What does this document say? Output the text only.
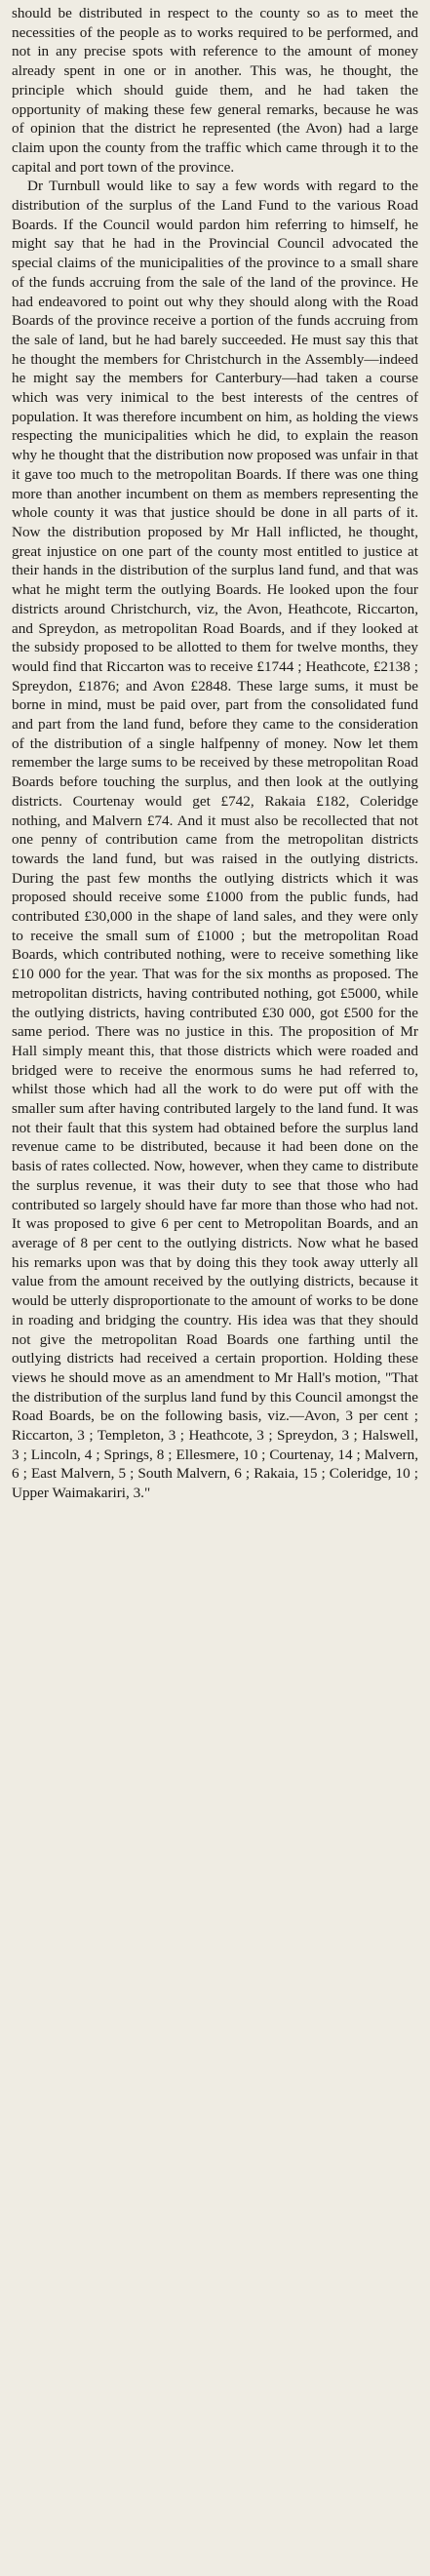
should be distributed in respect to the county so as to meet the necessities of the people as to works required to be performed, and not in any precise spots with reference to the amount of money already spent in one or in another. This was, he thought, the principle which should guide them, and he had taken the opportunity of making these few general remarks, because he was of opinion that the district he represented (the Avon) had a large claim upon the county from the traffic which came through it to the capital and port town of the province.

Dr Turnbull would like to say a few words with regard to the distribution of the surplus of the Land Fund to the various Road Boards. If the Council would pardon him referring to himself, he might say that he had in the Provincial Council advocated the special claims of the municipalities of the province to a small share of the funds accruing from the sale of the land of the province. He had endeavored to point out why they should along with the Road Boards of the province receive a portion of the funds accruing from the sale of land, but he had barely succeeded. He must say this that he thought the members for Christchurch in the Assembly—indeed he might say the members for Canterbury—had taken a course which was very inimical to the best interests of the centres of population. It was therefore incumbent on him, as holding the views respecting the municipalities which he did, to explain the reason why he thought that the distribution now proposed was unfair in that it gave too much to the metropolitan Boards. If there was one thing more than another incumbent on them as members representing the whole county it was that justice should be done in all parts of it. Now the distribution proposed by Mr Hall inflicted, he thought, great injustice on one part of the county most entitled to justice at their hands in the distribution of the surplus land fund, and that was what he might term the outlying Boards. He looked upon the four districts around Christchurch, viz, the Avon, Heathcote, Riccarton, and Spreydon, as metropolitan Road Boards, and if they looked at the subsidy proposed to be allotted to them for twelve months, they would find that Riccarton was to receive £1744 ; Heathcote, £2138 ; Spreydon, £1876; and Avon £2848. These large sums, it must be borne in mind, must be paid over, part from the consolidated fund and part from the land fund, before they came to the consideration of the distribution of a single halfpenny of money. Now let them remember the large sums to be received by these metropolitan Road Boards before touching the surplus, and then look at the outlying districts. Courtenay would get £742, Rakaia £182, Coleridge nothing, and Malvern £74. And it must also be recollected that not one penny of contribution came from the metropolitan districts towards the land fund, but was raised in the outlying districts. During the past few months the outlying districts which it was proposed should receive some £1000 from the public funds, had contributed £30,000 in the shape of land sales, and they were only to receive the small sum of £1000 ; but the metropolitan Road Boards, which contributed nothing, were to receive something like £10 000 for the year. That was for the six months as proposed. The metropolitan districts, having contributed nothing, got £5000, while the outlying districts, having contributed £30 000, got £500 for the same period. There was no justice in this. The proposition of Mr Hall simply meant this, that those districts which were roaded and bridged were to receive the enormous sums he had referred to, whilst those which had all the work to do were put off with the smaller sum after having contributed largely to the land fund. It was not their fault that this system had obtained before the surplus land revenue came to be distributed, because it had been done on the basis of rates collected. Now, however, when they came to distribute the surplus revenue, it was their duty to see that those who had contributed so largely should have far more than those who had not. It was proposed to give 6 per cent to Metropolitan Boards, and an average of 8 per cent to the outlying districts. Now what he based his remarks upon was that by doing this they took away utterly all value from the amount received by the outlying districts, because it would be utterly disproportionate to the amount of works to be done in roading and bridging the country. His idea was that they should not give the metropolitan Road Boards one farthing until the outlying districts had received a certain proportion. Holding these views he should move as an amendment to Mr Hall's motion, "That the distribution of the surplus land fund by this Council amongst the Road Boards, be on the following basis, viz.—Avon, 3 per cent ; Riccarton, 3 ; Templeton, 3 ; Heathcote, 3 ; Spreydon, 3 ; Halswell, 3 ; Lincoln, 4 ; Springs, 8 ; Ellesmere, 10 ; Courtenay, 14 ; Malvern, 6 ; East Malvern, 5 ; South Malvern, 6 ; Rakaia, 15 ; Coleridge, 10 ; Upper Waimakariri, 3."
